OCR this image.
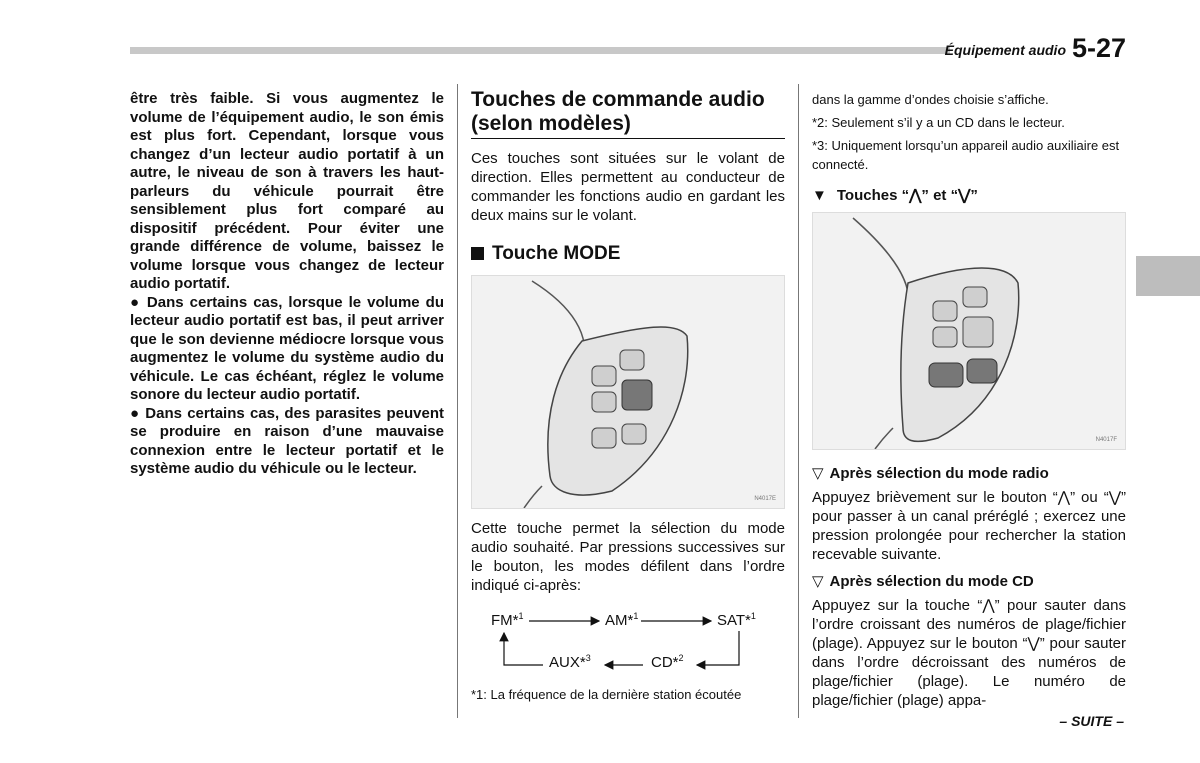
Équipement audio 5-27

être très faible. Si vous augmentez le volume de l’équipement audio, le son émis est plus fort. Cependant, lorsque vous changez d’un lecteur audio portatif à un autre, le niveau de son à travers les haut-parleurs du véhicule pourrait être sensiblement plus fort comparé au dispositif précédent. Pour éviter une grande différence de volume, baissez le volume lorsque vous changez de lecteur audio portatif.

● Dans certains cas, lorsque le volume du lecteur audio portatif est bas, il peut arriver que le son devienne médiocre lorsque vous augmentez le volume du système audio du véhicule. Le cas échéant, réglez le volume sonore du lecteur audio portatif.

● Dans certains cas, des parasites peuvent se produire en raison d’une mauvaise connexion entre le lecteur portatif et le système audio du véhicule ou le lecteur.

Touches de commande audio (selon modèles)

Ces touches sont situées sur le volant de direction. Elles permettent au conducteur de commander les fonctions audio en gardant les deux mains sur le volant.

Touche MODE
N4017E

Cette touche permet la sélection du mode audio souhaité. Par pressions successives sur le bouton, les modes défilent dans l’ordre indiqué ci-après:

FM*$^1$	AM*$^1$	SAT*$^1$
AUX*$^3$	CD*$^2$

*1: La fréquence de la dernière station écoutée

dans la gamme d’ondes choisie s’affiche.

*2: Seulement s’il y a un CD dans le lecteur.

*3: Uniquement lorsqu’un appareil audio auxiliaire est connecté.

▼ Touches “⋀” et “⋁”
N4017F
▽ Après sélection du mode radio

Appuyez brièvement sur le bouton “⋀” ou “⋁” pour passer à un canal préréglé ; exercez une pression prolongée pour rechercher la station recevable suivante.

▽ Après sélection du mode CD

Appuyez sur la touche “⋀” pour sauter dans l’ordre croissant des numéros de plage/fichier (plage). Appuyez sur le bouton “⋁” pour sauter dans l’ordre décroissant des numéros de plage/fichier (plage). Le numéro de plage/fichier (plage) appa-

– SUITE –
